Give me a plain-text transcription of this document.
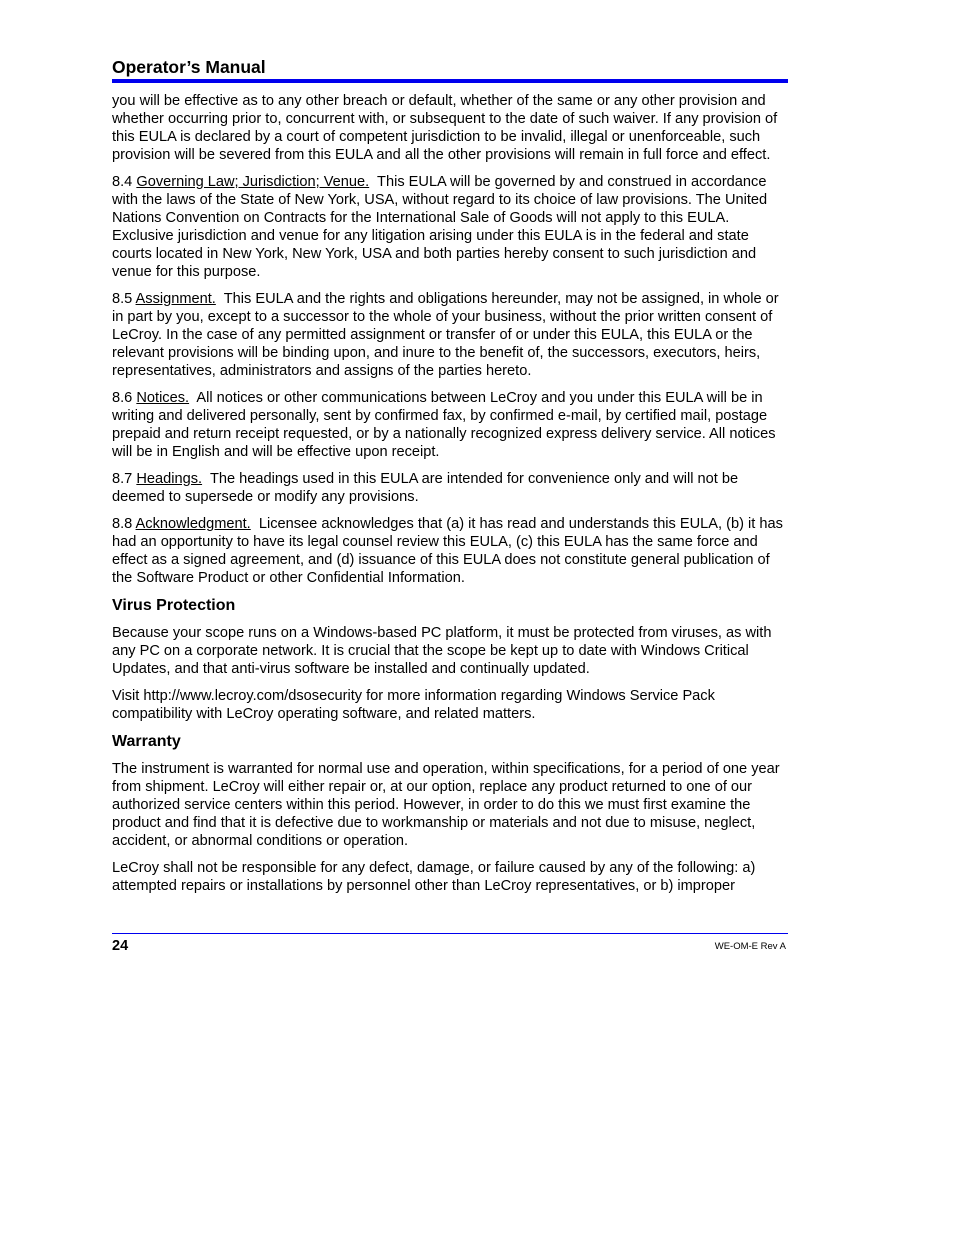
Operator’s Manual

you will be effective as to any other breach or default, whether of the same or any other provision and whether occurring prior to, concurrent with, or subsequent to the date of such waiver. If any provision of this EULA is declared by a court of competent jurisdiction to be invalid, illegal or unenforceable, such provision will be severed from this EULA and all the other provisions will remain in full force and effect.

8.4 Governing Law; Jurisdiction; Venue. This EULA will be governed by and construed in accordance with the laws of the State of New York, USA, without regard to its choice of law provisions. The United Nations Convention on Contracts for the International Sale of Goods will not apply to this EULA. Exclusive jurisdiction and venue for any litigation arising under this EULA is in the federal and state courts located in New York, New York, USA and both parties hereby consent to such jurisdiction and venue for this purpose.

8.5 Assignment. This EULA and the rights and obligations hereunder, may not be assigned, in whole or in part by you, except to a successor to the whole of your business, without the prior written consent of LeCroy. In the case of any permitted assignment or transfer of or under this EULA, this EULA or the relevant provisions will be binding upon, and inure to the benefit of, the successors, executors, heirs, representatives, administrators and assigns of the parties hereto.

8.6 Notices. All notices or other communications between LeCroy and you under this EULA will be in writing and delivered personally, sent by confirmed fax, by confirmed e-mail, by certified mail, postage prepaid and return receipt requested, or by a nationally recognized express delivery service. All notices will be in English and will be effective upon receipt.

8.7 Headings. The headings used in this EULA are intended for convenience only and will not be deemed to supersede or modify any provisions.

8.8 Acknowledgment. Licensee acknowledges that (a) it has read and understands this EULA, (b) it has had an opportunity to have its legal counsel review this EULA, (c) this EULA has the same force and effect as a signed agreement, and (d) issuance of this EULA does not constitute general publication of the Software Product or other Confidential Information.

Virus Protection

Because your scope runs on a Windows-based PC platform, it must be protected from viruses, as with any PC on a corporate network. It is crucial that the scope be kept up to date with Windows Critical Updates, and that anti-virus software be installed and continually updated.

Visit http://www.lecroy.com/dsosecurity for more information regarding Windows Service Pack compatibility with LeCroy operating software, and related matters.

Warranty

The instrument is warranted for normal use and operation, within specifications, for a period of one year from shipment. LeCroy will either repair or, at our option, replace any product returned to one of our authorized service centers within this period. However, in order to do this we must first examine the product and find that it is defective due to workmanship or materials and not due to misuse, neglect, accident, or abnormal conditions or operation.

LeCroy shall not be responsible for any defect, damage, or failure caused by any of the following: a) attempted repairs or installations by personnel other than LeCroy representatives, or b) improper

24	WE-OM-E Rev A
